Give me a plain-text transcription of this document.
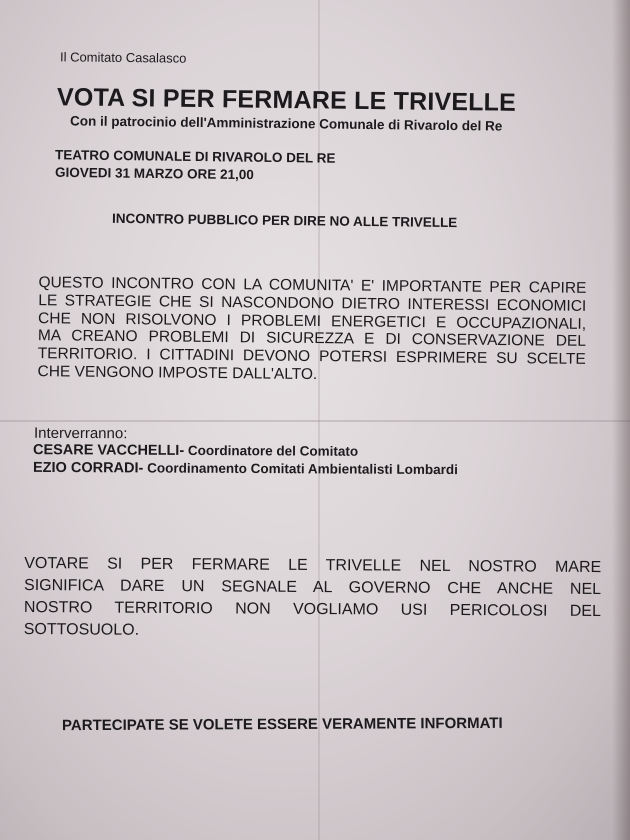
Il Comitato Casalasco
VOTA SI PER FERMARE LE TRIVELLE
Con il patrocinio dell'Amministrazione Comunale di Rivarolo del Re
TEATRO COMUNALE DI RIVAROLO DEL RE
GIOVEDI 31 MARZO ORE 21,00
INCONTRO PUBBLICO PER DIRE NO ALLE TRIVELLE
QUESTO INCONTRO CON LA COMUNITA' E' IMPORTANTE PER CAPIRE
LE STRATEGIE CHE SI NASCONDONO DIETRO INTERESSI ECONOMICI
CHE NON RISOLVONO I PROBLEMI ENERGETICI E OCCUPAZIONALI,
MA CREANO PROBLEMI DI SICUREZZA E DI CONSERVAZIONE DEL
TERRITORIO. I CITTADINI DEVONO POTERSI ESPRIMERE SU SCELTE
CHE VENGONO IMPOSTE DALL'ALTO.
Interverranno:
CESARE VACCHELLI- Coordinatore del Comitato
EZIO CORRADI- Coordinamento Comitati Ambientalisti Lombardi
VOTARE SI PER FERMARE LE TRIVELLE NEL NOSTRO MARE
SIGNIFICA DARE UN SEGNALE AL GOVERNO CHE ANCHE NEL
NOSTRO TERRITORIO NON VOGLIAMO USI PERICOLOSI DEL
SOTTOSUOLO.
PARTECIPATE SE VOLETE ESSERE VERAMENTE INFORMATI
